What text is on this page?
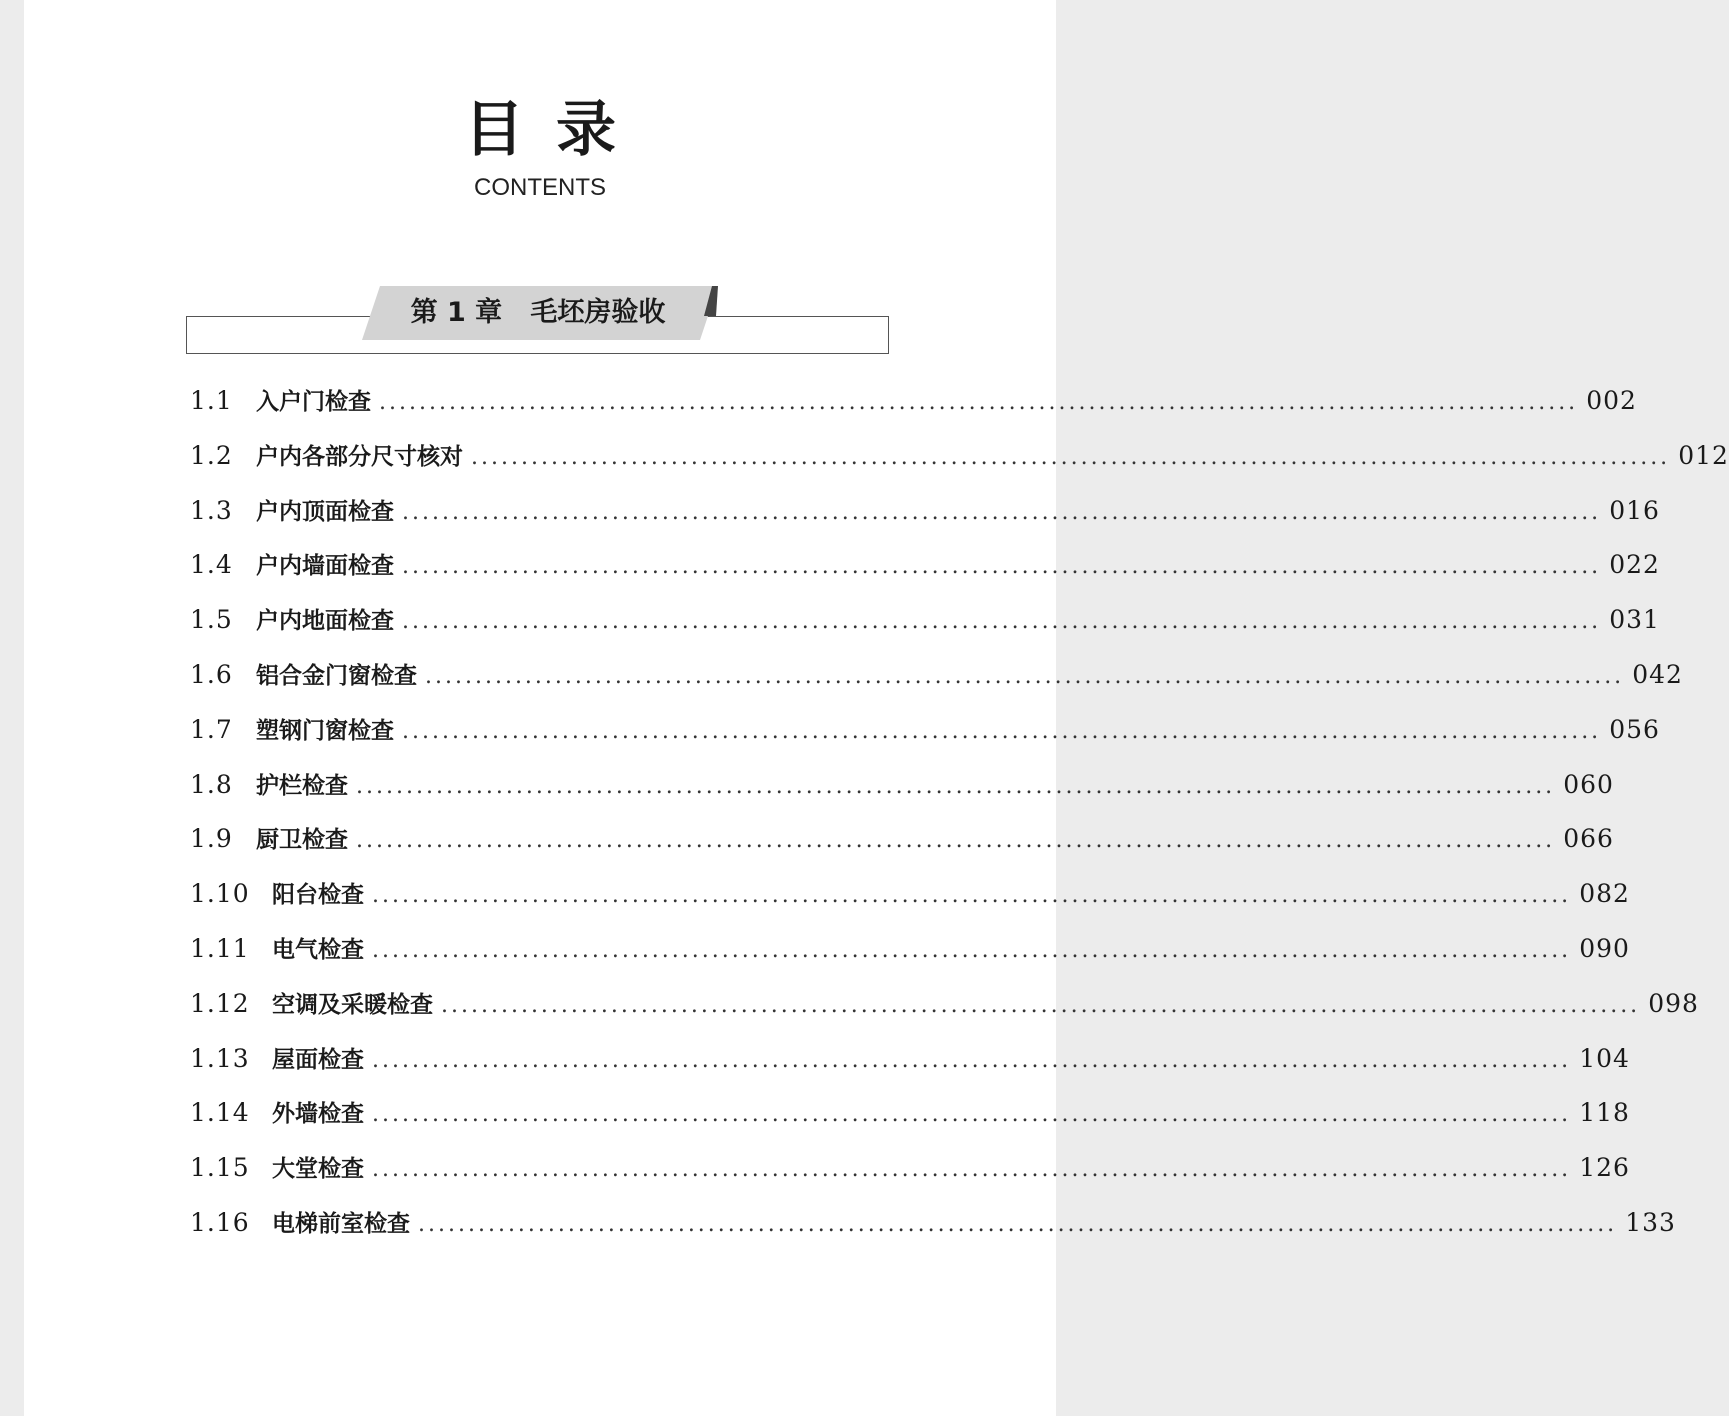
目录
CONTENTS
第 1 章   毛坯房验收
1.1	入户门检查 ........................................................................................................................ 002
1.2	户内各部分尺寸核对 ........................................................................................................................ 012
1.3	户内顶面检查 ........................................................................................................................ 016
1.4	户内墙面检查 ........................................................................................................................ 022
1.5	户内地面检查 ........................................................................................................................ 031
1.6	铝合金门窗检查 ........................................................................................................................ 042
1.7	塑钢门窗检查 ........................................................................................................................ 056
1.8	护栏检查 ........................................................................................................................ 060
1.9	厨卫检查 ........................................................................................................................ 066
1.10 阳台检查 ........................................................................................................................ 082
1.11 电气检查 ........................................................................................................................ 090
1.12 空调及采暖检查 ........................................................................................................................ 098
1.13 屋面检查 ........................................................................................................................ 104
1.14 外墙检查 ........................................................................................................................ 118
1.15 大堂检查 ........................................................................................................................ 126
1.16 电梯前室检查 ........................................................................................................................ 133
